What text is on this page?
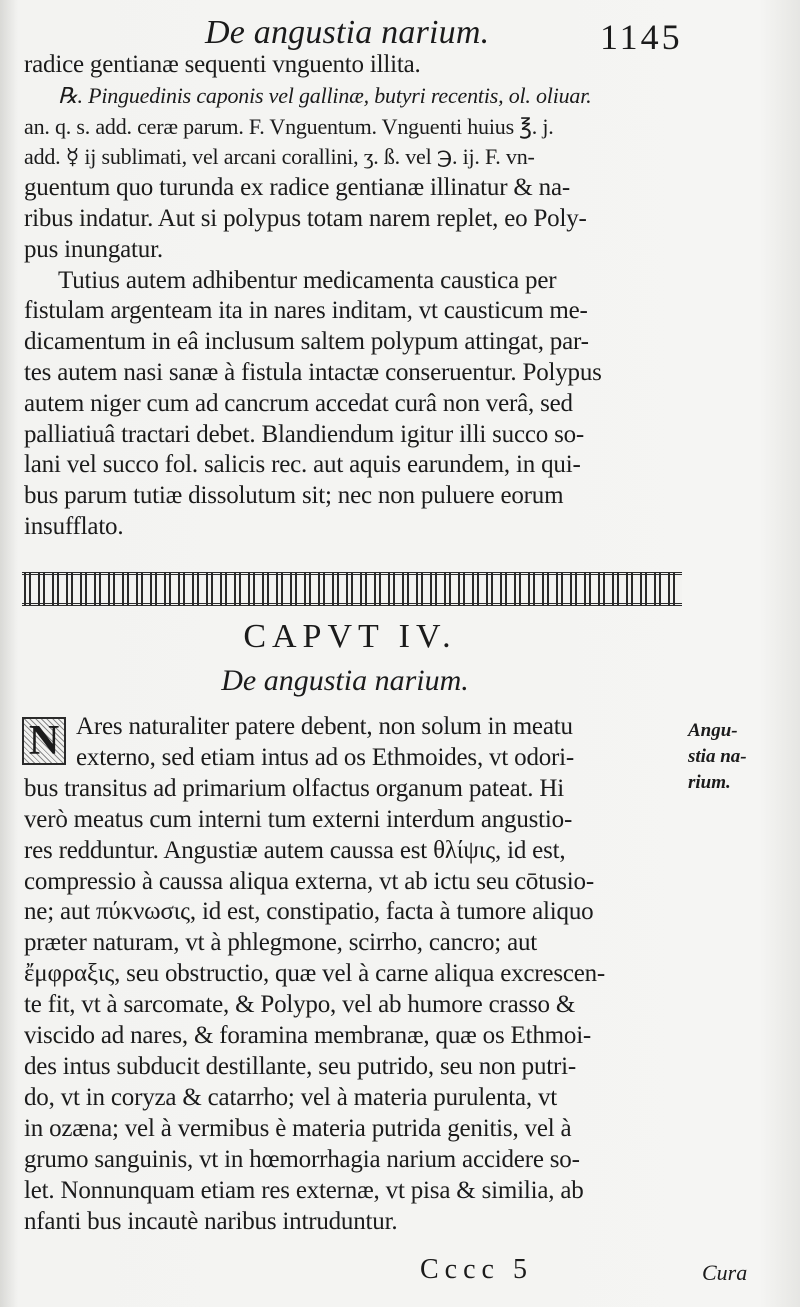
De angustia narium.	1145
radice gentianæ sequenti vnguento illita.
℞. Pinguedinis caponis vel gallinæ, butyri recentis, ol. oliuar.
an. q. s. add. ceræ parum. F. Vnguentum. Vnguenti huius ℥. j.
add. ☿ ij sublimati, vel arcani corallini, ʒ. ß. vel ℈. ij. F. vn-
guentum quo turunda ex radice gentianæ illinatur & na-
ribus indatur. Aut si polypus totam narem replet, eo Poly-
pus inungatur.
Tutius autem adhibentur medicamenta caustica per
fistulam argenteam ita in nares inditam, vt causticum me-
dicamentum in eâ inclusum saltem polypum attingat, par-
tes autem nasi sanæ à fistula intactæ conseruentur. Polypus
autem niger cum ad cancrum accedat curâ non verâ, sed
palliatiuâ tractari debet. Blandiendum igitur illi succo so-
lani vel succo fol. salicis rec. aut aquis earundem, in qui-
bus parum tutiæ dissolutum sit; nec non puluere eorum
insufflato.
CAPVT IV.
De angustia narium.
N Ares naturaliter patere debent, non solum in meatu
externo, sed etiam intus ad os Ethmoides, vt odori-
bus transitus ad primarium olfactus organum pateat. Hi
verò meatus cum interni tum externi interdum angustio-
res redduntur. Angustiæ autem caussa est θλίψις, id est,
compressio à caussa aliqua externa, vt ab ictu seu cōtusio-
ne; aut πύκνωσις, id est, constipatio, facta à tumore aliquo
præter naturam, vt à phlegmone, scirrho, cancro; aut
ἔμφραξις, seu obstructio, quæ vel à carne aliqua excrescen-
te fit, vt à sarcomate, & Polypo, vel ab humore crasso &
viscido ad nares, & foramina membranæ, quæ os Ethmoi-
des intus subducit destillante, seu putrido, seu non putri-
do, vt in coryza & catarrho; vel à materia purulenta, vt
in ozæna; vel à vermibus è materia putrida genitis, vel à
grumo sanguinis, vt in hœmorrhagia narium accidere so-
let. Nonnunquam etiam res externæ, vt pisa & similia, ab
nfanti bus incautè naribus intruduntur.
Angu-
stia na-
rium.
Cccc 5	Cura
